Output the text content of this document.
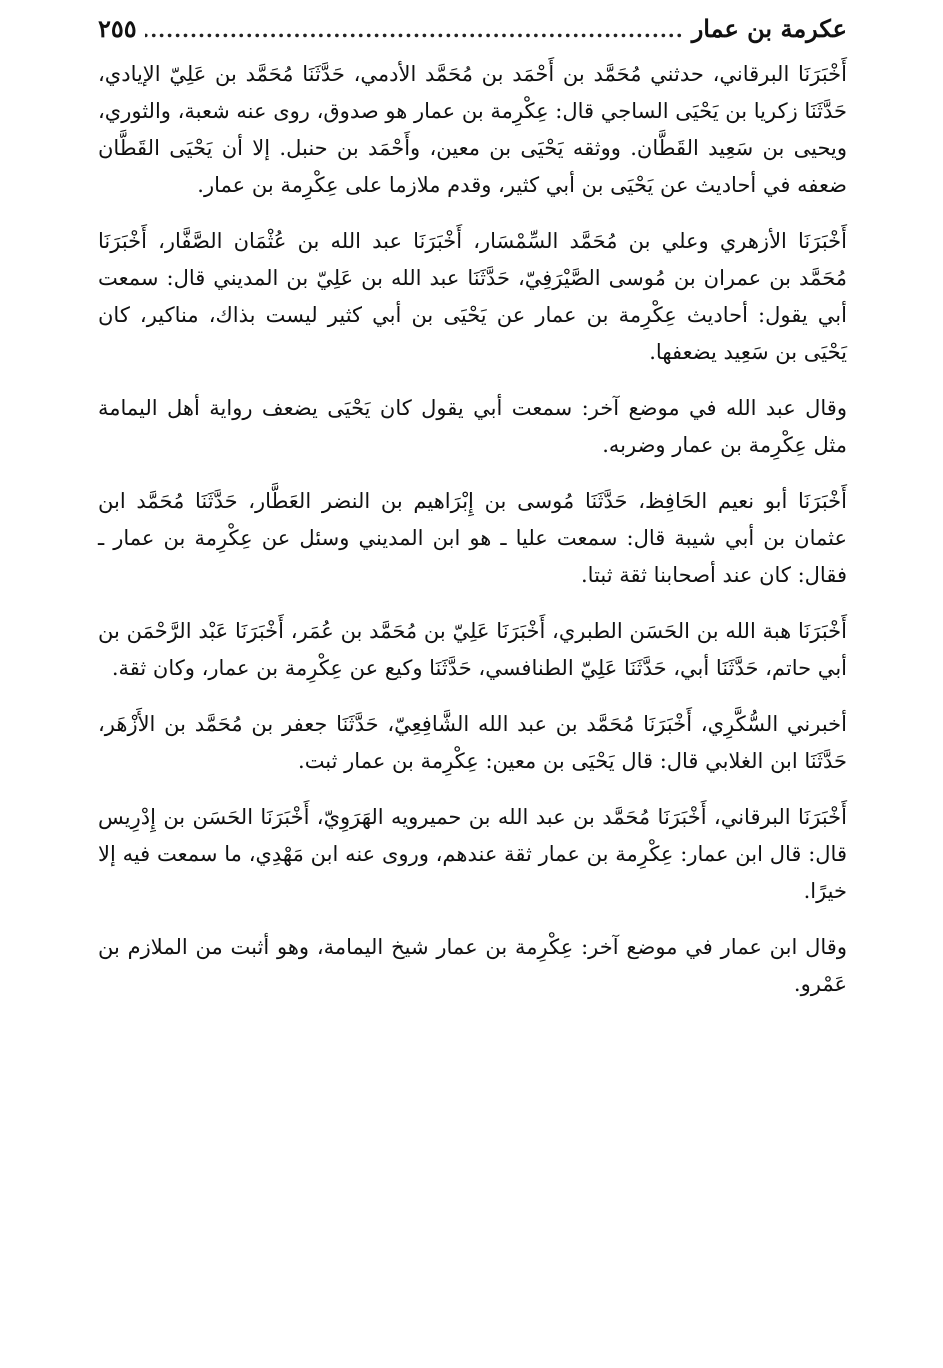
عكرمة بن عمار
.....
٢٥٥

أَخْبَرَنَا البرقاني، حدثني مُحَمَّد بن أَحْمَد بن مُحَمَّد الأدمي، حَدَّثَنَا مُحَمَّد بن عَلِيّ الإيادي، حَدَّثَنَا زكريا بن يَحْيَى الساجي قال: عِكْرِمة بن عمار هو صدوق، روى عنه شعبة، والثوري، ويحيى بن سَعِيد القَطَّان. ووثقه يَحْيَى بن معين، وأَحْمَد بن حنبل. إلا أن يَحْيَى القَطَّان ضعفه في أحاديث عن يَحْيَى بن أبي كثير، وقدم ملازما على عِكْرِمة بن عمار.

أَخْبَرَنَا الأزهري وعلي بن مُحَمَّد السِّمْسَار، أَخْبَرَنَا عبد الله بن عُثْمَان الصَّفَّار، أَخْبَرَنَا مُحَمَّد بن عمران بن مُوسى الصَّيْرَفِيّ، حَدَّثَنَا عبد الله بن عَلِيّ بن المديني قال: سمعت أبي يقول: أحاديث عِكْرِمة بن عمار عن يَحْيَى بن أبي كثير ليست بذاك، مناكير، كان يَحْيَى بن سَعِيد يضعفها.

وقال عبد الله في موضع آخر: سمعت أبي يقول كان يَحْيَى يضعف رواية أهل اليمامة مثل عِكْرِمة بن عمار وضربه.

أَخْبَرَنَا أبو نعيم الحَافِظ، حَدَّثَنَا مُوسى بن إِبْرَاهيم بن النضر العَطَّار، حَدَّثَنَا مُحَمَّد ابن عثمان بن أبي شيبة قال: سمعت عليا ـ هو ابن المديني وسئل عن عِكْرِمة بن عمار ـ فقال: كان عند أصحابنا ثقة ثبتا.

أَخْبَرَنَا هبة الله بن الحَسَن الطبري، أَخْبَرَنَا عَلِيّ بن مُحَمَّد بن عُمَر، أَخْبَرَنَا عَبْد الرَّحْمَن بن أبي حاتم، حَدَّثَنَا أبي، حَدَّثَنَا عَلِيّ الطنافسي، حَدَّثَنَا وكيع عن عِكْرِمة بن عمار، وكان ثقة.

أخبرني السُّكَّرِي، أَخْبَرَنَا مُحَمَّد بن عبد الله الشَّافِعِيّ، حَدَّثَنَا جعفر بن مُحَمَّد بن الأَزْهَر، حَدَّثَنَا ابن الغلابي قال: قال يَحْيَى بن معين: عِكْرِمة بن عمار ثبت.

أَخْبَرَنَا البرقاني، أَخْبَرَنَا مُحَمَّد بن عبد الله بن حميرويه الهَرَوِيّ، أَخْبَرَنَا الحَسَن بن إِدْرِيس قال: قال ابن عمار: عِكْرِمة بن عمار ثقة عندهم، وروى عنه ابن مَهْدِي، ما سمعت فيه إلا خيرًا.

وقال ابن عمار في موضع آخر: عِكْرِمة بن عمار شيخ اليمامة، وهو أثبت من الملازم بن عَمْرو.
